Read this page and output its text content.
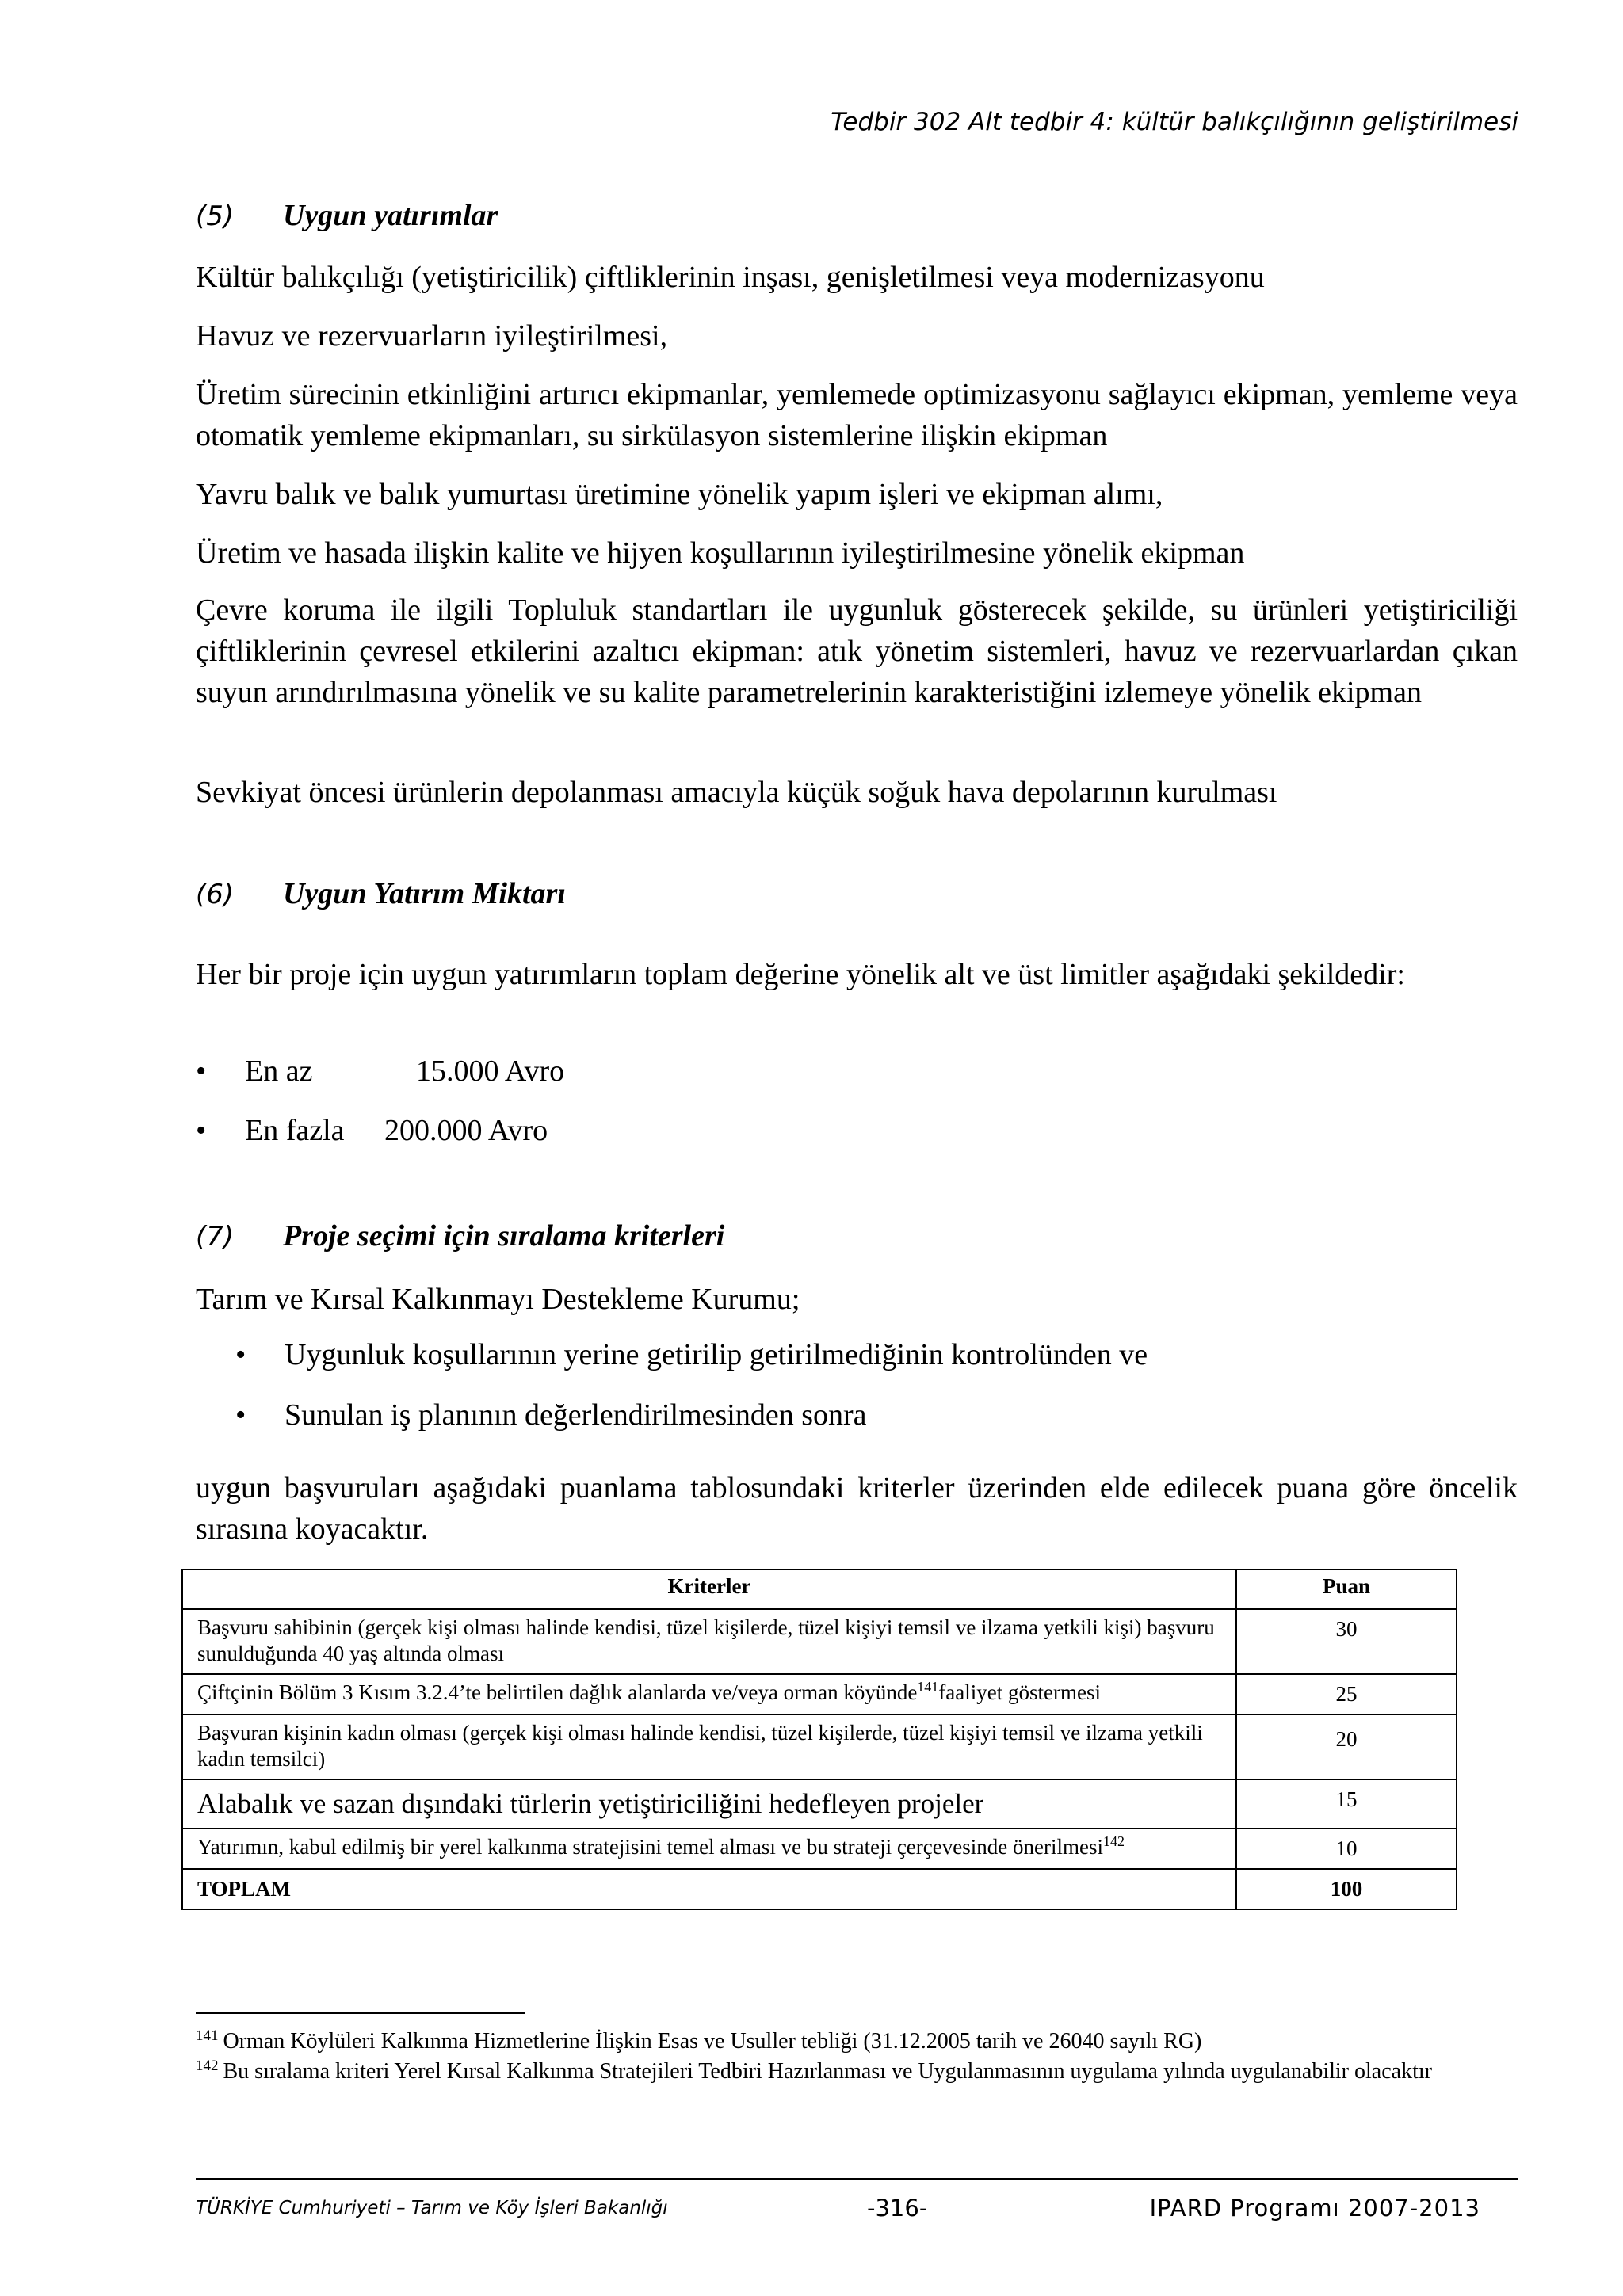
Tedbir 302 Alt tedbir 4: kültür balıkçılığının geliştirilmesi
(5) Uygun yatırımlar
Kültür balıkçılığı (yetiştiricilik) çiftliklerinin inşası, genişletilmesi veya modernizasyonu
Havuz ve rezervuarların iyileştirilmesi,
Üretim sürecinin etkinliğini artırıcı ekipmanlar, yemlemede optimizasyonu sağlayıcı ekipman, yemleme veya otomatik yemleme ekipmanları, su sirkülasyon sistemlerine ilişkin ekipman
Yavru balık ve balık yumurtası üretimine yönelik yapım işleri ve ekipman alımı,
Üretim ve hasada ilişkin kalite ve hijyen koşullarının iyileştirilmesine yönelik ekipman
Çevre koruma ile ilgili Topluluk standartları ile uygunluk gösterecek şekilde, su ürünleri yetiştiriciliği çiftliklerinin çevresel etkilerini azaltıcı ekipman: atık yönetim sistemleri, havuz ve rezervuarlardan çıkan suyun arındırılmasına yönelik ve su kalite parametrelerinin karakteristiğini izlemeye yönelik ekipman
Sevkiyat öncesi ürünlerin depolanması amacıyla küçük soğuk hava depolarının kurulması
(6) Uygun Yatırım Miktarı
Her bir proje için uygun yatırımların toplam değerine yönelik alt ve üst limitler aşağıdaki şekildedir:
• En az	15.000 Avro
• En fazla 200.000 Avro
(7) Proje seçimi için sıralama kriterleri
Tarım ve Kırsal Kalkınmayı Destekleme Kurumu;
• Uygunluk koşullarının yerine getirilip getirilmediğinin kontrolünden ve
• Sunulan iş planının değerlendirilmesinden sonra
uygun başvuruları aşağıdaki puanlama tablosundaki kriterler üzerinden elde edilecek puana göre öncelik sırasına koyacaktır.
Kriterler	Puan
Başvuru sahibinin (gerçek kişi olması halinde kendisi, tüzel kişilerde, tüzel kişiyi temsil ve ilzama yetkili kişi) başvuru sunulduğunda 40 yaş altında olması	30
Çiftçinin Bölüm 3 Kısım 3.2.4’te belirtilen dağlık alanlarda ve/veya orman köyünde$^{141}$faaliyet göstermesi	25
Başvuran kişinin kadın olması (gerçek kişi olması halinde kendisi, tüzel kişilerde, tüzel kişiyi temsil ve ilzama yetkili kadın temsilci)	20
Alabalık ve sazan dışındaki türlerin yetiştiriciliğini hedefleyen projeler	15
Yatırımın, kabul edilmiş bir yerel kalkınma stratejisini temel alması ve bu strateji çerçevesinde önerilmesi$^{142}$	10
TOPLAM	100
$^{141}$ Orman Köylüleri Kalkınma Hizmetlerine İlişkin Esas ve Usuller tebliği (31.12.2005 tarih ve 26040 sayılı RG)
$^{142}$ Bu sıralama kriteri Yerel Kırsal Kalkınma Stratejileri Tedbiri Hazırlanması ve Uygulanmasının uygulama yılında uygulanabilir olacaktır
TÜRKİYE Cumhuriyeti – Tarım ve Köy İşleri Bakanlığı	-316-	IPARD Programı 2007-2013
